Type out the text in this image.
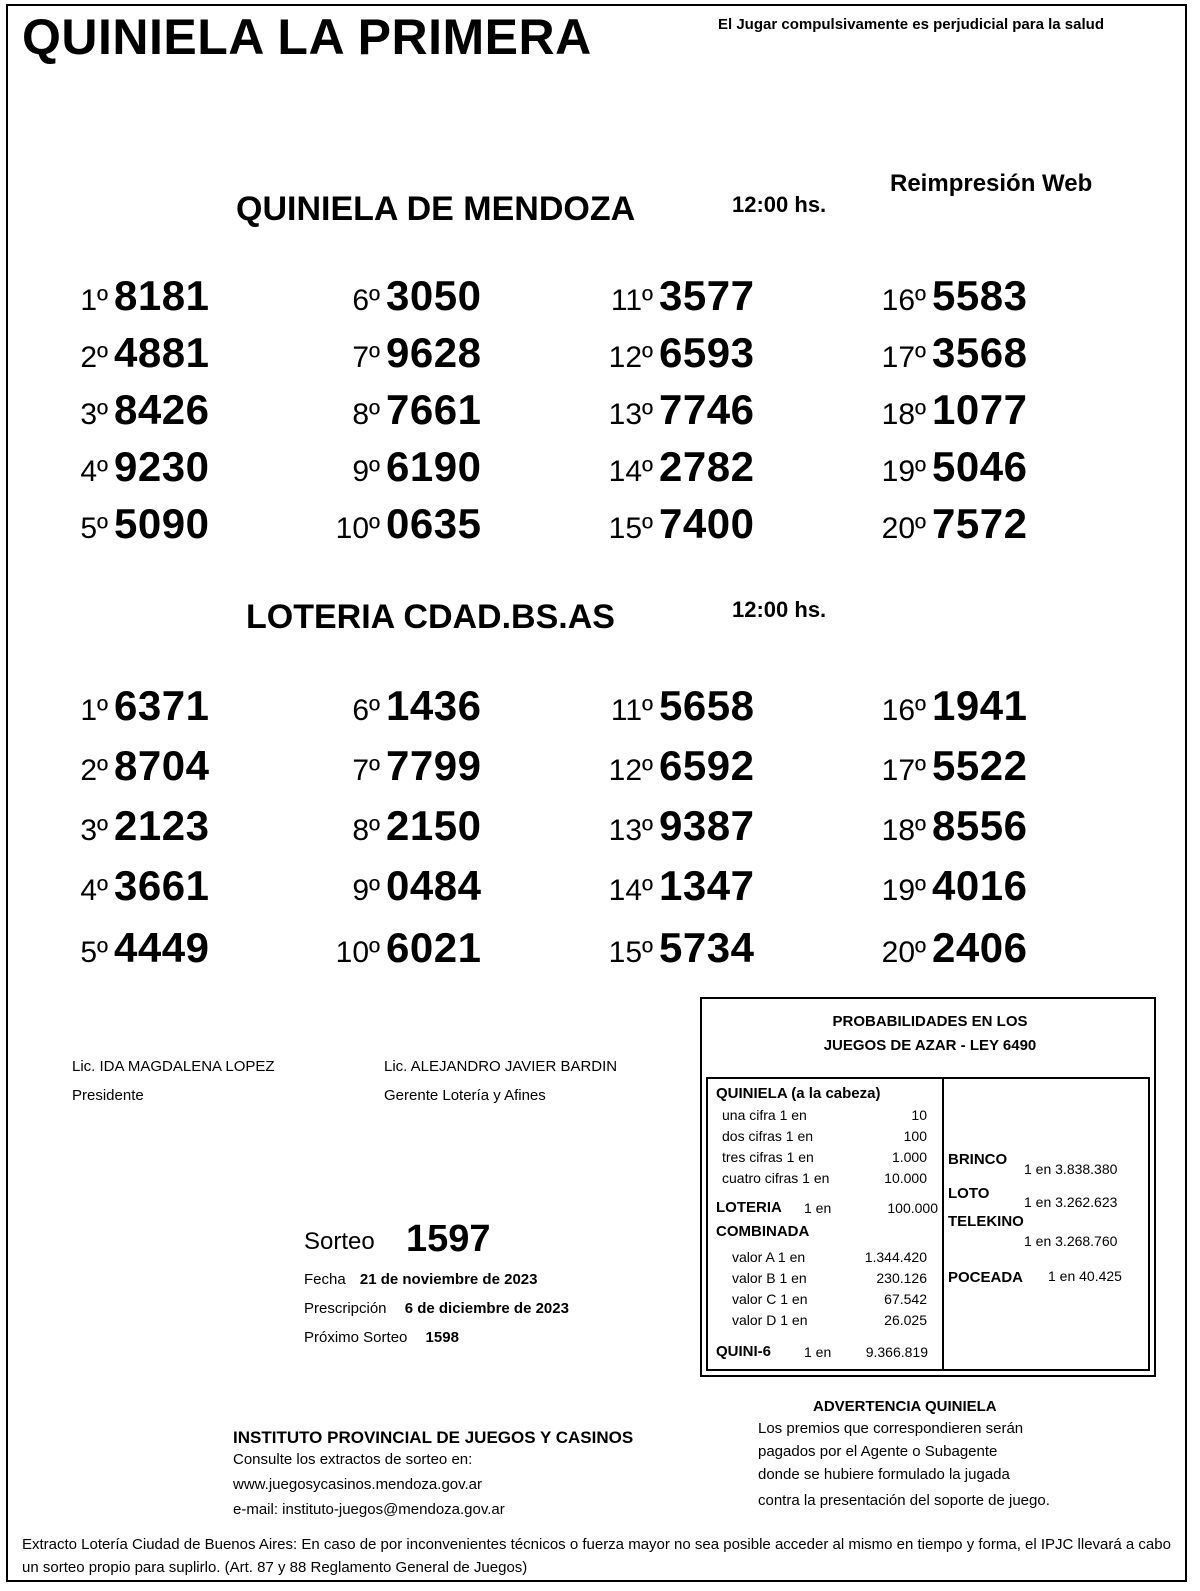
QUINIELA LA PRIMERA	El Jugar compulsivamente es perjudicial para la salud
Reimpresión Web
QUINIELA DE MENDOZA	12:00 hs.
1º 8181
2º 4881
3º 8426
4º 9230
5º 5090
6º 3050
7º 9628
8º 7661
9º 6190
10º 0635
11º 3577
12º 6593
13º 7746
14º 2782
15º 7400
16º 5583
17º 3568
18º 1077
19º 5046
20º 7572
LOTERIA CDAD.BS.AS	12:00 hs.
1º 6371
2º 8704
3º 2123
4º 3661
5º 4449
6º 1436
7º 7799
8º 2150
9º 0484
10º 6021
11º 5658
12º 6592
13º 9387
14º 1347
15º 5734
16º 1941
17º 5522
18º 8556
19º 4016
20º 2406
Lic. IDA MAGDALENA LOPEZ
Presidente
Lic. ALEJANDRO JAVIER BARDIN
Gerente Lotería y Afines
Sorteo 1597
Fecha 21 de noviembre de 2023
Prescripción 6 de diciembre de 2023
Próximo Sorteo 1598
PROBABILIDADES EN LOS
JUEGOS DE AZAR - LEY 6490
QUINIELA (a la cabeza)
una cifra 1 en	10
dos cifras 1 en	100
tres cifras 1 en	1.000
cuatro cifras 1 en	10.000
LOTERIA 1 en	100.000
COMBINADA
valor A 1 en	1.344.420
valor B 1 en	230.126
valor C 1 en	67.542
valor D 1 en	26.025
QUINI-6 1 en	9.366.819
BRINCO
1 en 3.838.380
LOTO 1 en 3.262.623
TELEKINO
1 en 3.268.760
POCEADA 1 en 40.425
ADVERTENCIA QUINIELA
Los premios que correspondieren serán
pagados por el Agente o Subagente
donde se hubiere formulado la jugada
contra la presentación del soporte de juego.
INSTITUTO PROVINCIAL DE JUEGOS Y CASINOS
Consulte los extractos de sorteo en:
www.juegosycasinos.mendoza.gov.ar
e-mail: instituto-juegos@mendoza.gov.ar
Extracto Lotería Ciudad de Buenos Aires: En caso de por inconvenientes técnicos o fuerza mayor no sea posible acceder al mismo en tiempo y forma, el IPJC llevará a cabo un sorteo propio para suplirlo. (Art. 87 y 88 Reglamento General de Juegos)
